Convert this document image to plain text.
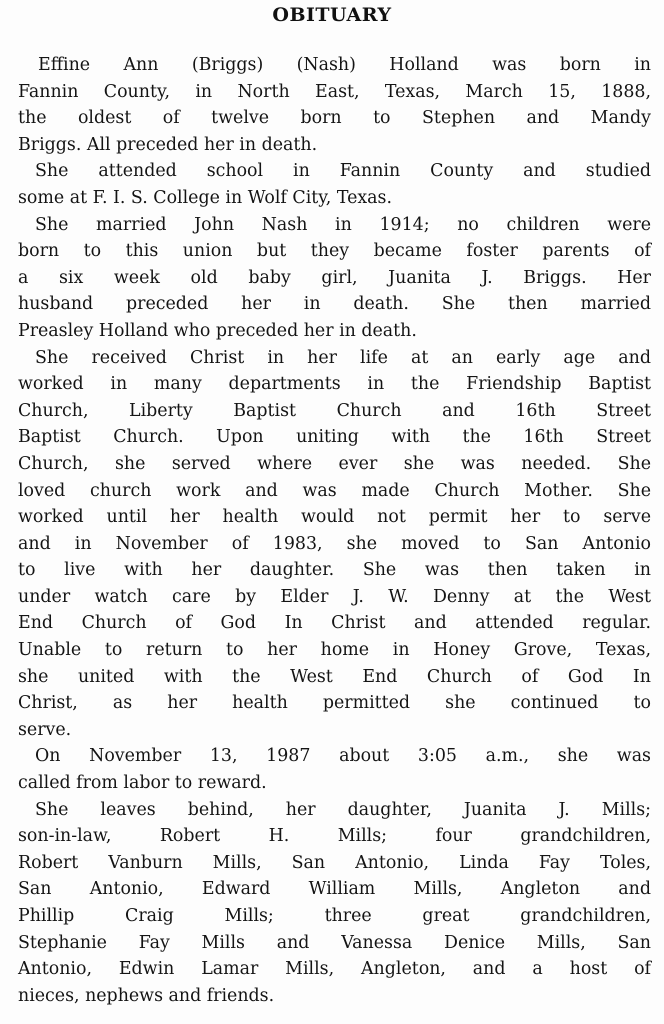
OBITUARY
Effine Ann (Briggs) (Nash) Holland was born in
Fannin County, in North East, Texas, March 15, 1888,
the oldest of twelve born to Stephen and Mandy
Briggs. All preceded her in death.
She attended school in Fannin County and studied
some at F. I. S. College in Wolf City, Texas.
She married John Nash in 1914; no children were
born to this union but they became foster parents of
a six week old baby girl, Juanita J. Briggs. Her
husband preceded her in death. She then married
Preasley Holland who preceded her in death.
She received Christ in her life at an early age and
worked in many departments in the Friendship Baptist
Church, Liberty Baptist Church and 16th Street
Baptist Church. Upon uniting with the 16th Street
Church, she served where ever she was needed. She
loved church work and was made Church Mother. She
worked until her health would not permit her to serve
and in November of 1983, she moved to San Antonio
to live with her daughter. She was then taken in
under watch care by Elder J. W. Denny at the West
End Church of God In Christ and attended regular.
Unable to return to her home in Honey Grove, Texas,
she united with the West End Church of God In
Christ, as her health permitted she continued to
serve.
On November 13, 1987 about 3:05 a.m., she was
called from labor to reward.
She leaves behind, her daughter, Juanita J. Mills;
son-in-law, Robert H. Mills; four grandchildren,
Robert Vanburn Mills, San Antonio, Linda Fay Toles,
San Antonio, Edward William Mills, Angleton and
Phillip Craig Mills; three great grandchildren,
Stephanie Fay Mills and Vanessa Denice Mills, San
Antonio, Edwin Lamar Mills, Angleton, and a host of
nieces, nephews and friends.
